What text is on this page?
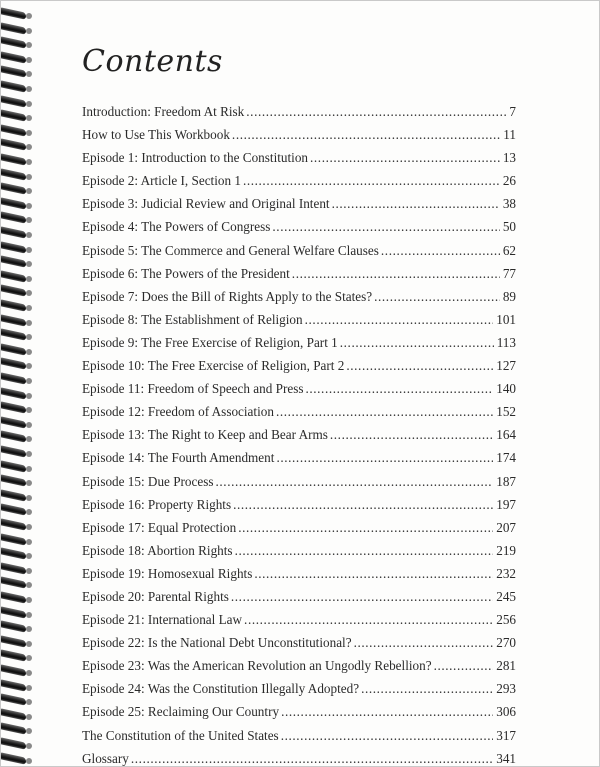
Contents
Introduction: Freedom At Risk .....	7
How to Use This Workbook .....	11
Episode 1: Introduction to the Constitution .....	13
Episode 2: Article I, Section 1 .....	26
Episode 3: Judicial Review and Original Intent .....	38
Episode 4: The Powers of Congress .....	50
Episode 5: The Commerce and General Welfare Clauses .....	62
Episode 6: The Powers of the President .....	77
Episode 7: Does the Bill of Rights Apply to the States? .....	89
Episode 8: The Establishment of Religion .....	101
Episode 9: The Free Exercise of Religion, Part 1 .....	113
Episode 10: The Free Exercise of Religion, Part 2 .....	127
Episode 11: Freedom of Speech and Press .....	140
Episode 12: Freedom of Association .....	152
Episode 13: The Right to Keep and Bear Arms .....	164
Episode 14: The Fourth Amendment .....	174
Episode 15: Due Process .....	187
Episode 16: Property Rights .....	197
Episode 17: Equal Protection .....	207
Episode 18: Abortion Rights .....	219
Episode 19: Homosexual Rights .....	232
Episode 20: Parental Rights .....	245
Episode 21: International Law .....	256
Episode 22: Is the National Debt Unconstitutional? .....	270
Episode 23: Was the American Revolution an Ungodly Rebellion? .....	281
Episode 24: Was the Constitution Illegally Adopted? .....	293
Episode 25: Reclaiming Our Country .....	306
The Constitution of the United States .....	317
Glossary .....	341
